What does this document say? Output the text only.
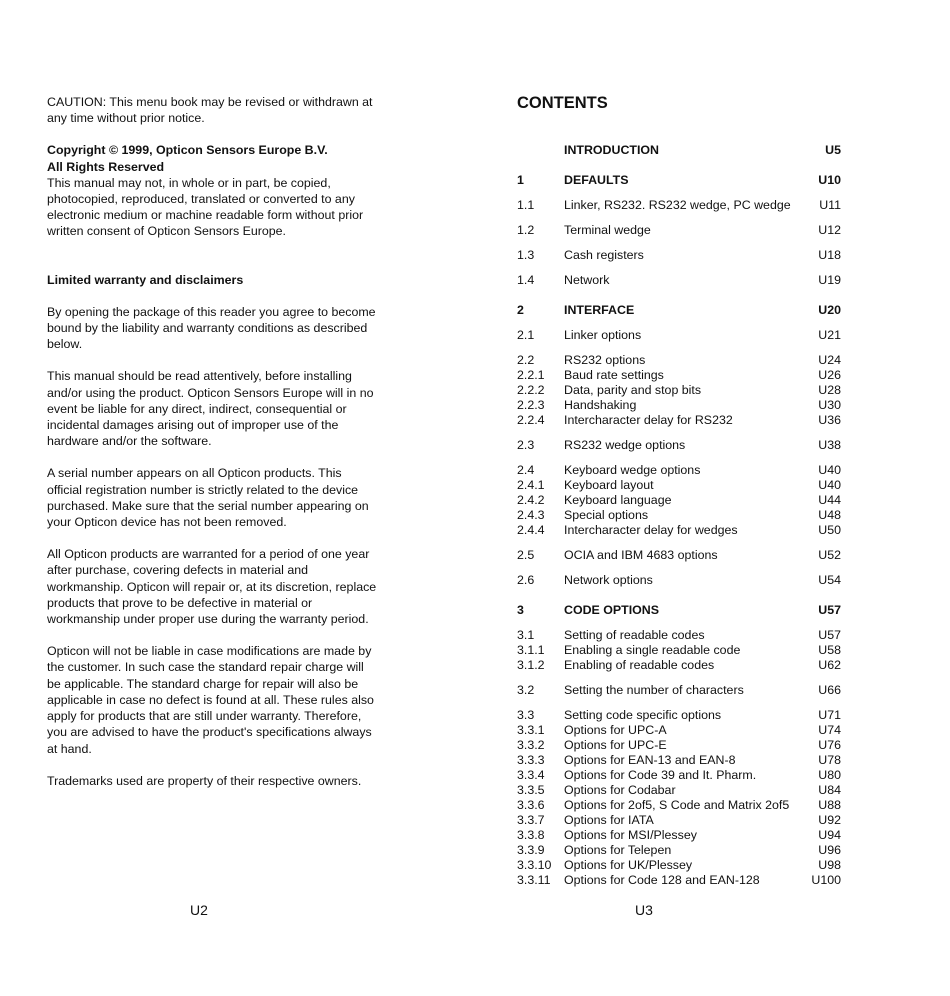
CAUTION: This menu book may be revised or withdrawn at any time without prior notice.

Copyright © 1999, Opticon Sensors Europe B.V.

All Rights Reserved

This manual may not, in whole or in part, be copied, photocopied, reproduced, translated or converted to any electronic medium or machine readable form without prior written consent of Opticon Sensors Europe.

Limited warranty and disclaimers

By opening the package of this reader you agree to become bound by the liability and warranty conditions as described below.

This manual should be read attentively, before installing and/or using the product. Opticon Sensors Europe will in no event be liable for any direct, indirect, consequential or incidental damages arising out of improper use of the hardware and/or the software.

A serial number appears on all Opticon products. This official registration number is strictly related to the device purchased. Make sure that the serial number appearing on your Opticon device has not been removed.

All Opticon products are warranted for a period of one year after purchase, covering defects in material and workmanship. Opticon will repair or, at its discretion, replace products that prove to be defective in material or workmanship under proper use during the warranty period.

Opticon will not be liable in case modifications are made by the customer. In such case the standard repair charge will be applicable. The standard charge for repair will also be applicable in case no defect is found at all. These rules also apply for products that are still under warranty. Therefore, you are advised to have the product's specifications always at hand.

Trademarks used are property of their respective owners.

U2
CONTENTS
INTRODUCTION	U5
1	DEFAULTS	U10
1.1 Linker, RS232. RS232 wedge, PC wedge U11
1.2 Terminal wedge	U12
1.3 Cash registers	U18
1.4 Network	U19
2	INTERFACE	U20
2.1 Linker options	U21
2.2 RS232 options	U24
2.2.1 Baud rate settings	U26
2.2.2 Data, parity and stop bits	U28
2.2.3 Handshaking	U30
2.2.4 Intercharacter delay for RS232	U36
2.3 RS232 wedge options	U38
2.4 Keyboard wedge options	U40
2.4.1 Keyboard layout	U40
2.4.2 Keyboard language	U44
2.4.3 Special options	U48
2.4.4 Intercharacter delay for wedges	U50
2.5 OCIA and IBM 4683 options	U52
2.6 Network options	U54
3	CODE OPTIONS	U57
3.1 Setting of readable codes	U57
3.1.1 Enabling a single readable code	U58
3.1.2 Enabling of readable codes	U62
3.2 Setting the number of characters	U66
3.3 Setting code specific options	U71
3.3.1 Options for UPC-A	U74
3.3.2 Options for UPC-E	U76
3.3.3 Options for EAN-13 and EAN-8	U78
3.3.4 Options for Code 39 and It. Pharm.	U80
3.3.5 Options for Codabar	U84
3.3.6 Options for 2of5, S Code and Matrix 2of5 U88
3.3.7 Options for IATA	U92
3.3.8 Options for MSI/Plessey	U94
3.3.9 Options for Telepen	U96
3.3.10 Options for UK/Plessey	U98
3.3.11 Options for Code 128 and EAN-128	U100
U3
